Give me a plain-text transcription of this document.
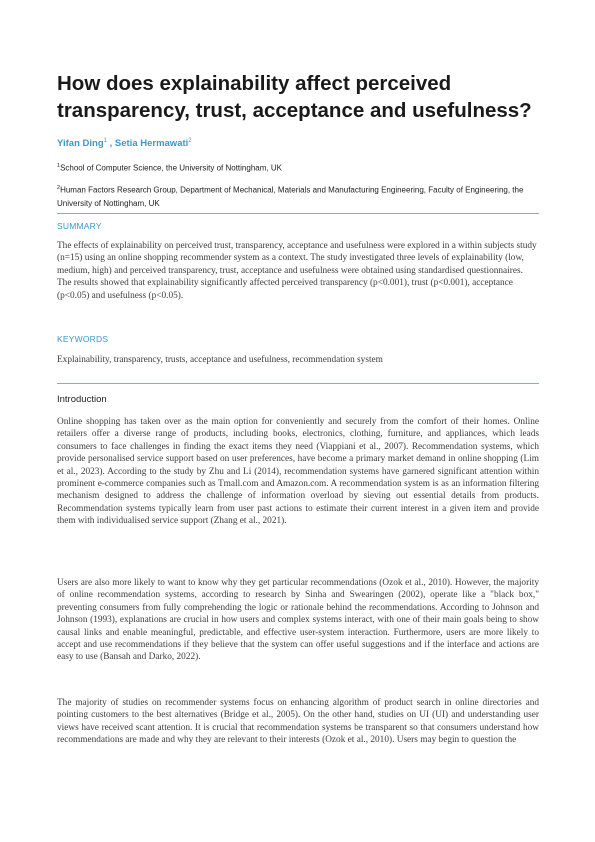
How does explainability affect perceived transparency, trust, acceptance and usefulness?
Yifan Ding$^1$ , Setia Hermawati$^2$
$^1$School of Computer Science, the University of Nottingham, UK
$^2$Human Factors Research Group, Department of Mechanical, Materials and Manufacturing Engineering, Faculty of Engineering, the University of Nottingham, UK
SUMMARY

The effects of explainability on perceived trust, transparency, acceptance and usefulness were explored in a within subjects study (n=15) using an online shopping recommender system as a context. The study investigated three levels of explainability (low, medium, high) and perceived transparency, trust, acceptance and usefulness were obtained using standardised questionnaires. The results showed that explainability significantly affected perceived transparency (p<0.001), trust (p<0.001), acceptance (p<0.05) and usefulness (p<0.05).

KEYWORDS

Explainability, transparency, trusts, acceptance and usefulness, recommendation system

Introduction

Online shopping has taken over as the main option for conveniently and securely from the comfort of their homes. Online retailers offer a diverse range of products, including books, electronics, clothing, furniture, and appliances, which leads consumers to face challenges in finding the exact items they need (Viappiani et al., 2007). Recommendation systems, which provide personalised service support based on user preferences, have become a primary market demand in online shopping (Lim et al., 2023). According to the study by Zhu and Li (2014), recommendation systems have garnered significant attention within prominent e-commerce companies such as Tmall.com and Amazon.com. A recommendation system is as an information filtering mechanism designed to address the challenge of information overload by sieving out essential details from products. Recommendation systems typically learn from user past actions to estimate their current interest in a given item and provide them with individualised service support (Zhang et al., 2021).

Users are also more likely to want to know why they get particular recommendations (Ozok et al., 2010). However, the majority of online recommendation systems, according to research by Sinha and Swearingen (2002), operate like a "black box," preventing consumers from fully comprehending the logic or rationale behind the recommendations. According to Johnson and Johnson (1993), explanations are crucial in how users and complex systems interact, with one of their main goals being to show causal links and enable meaningful, predictable, and effective user-system interaction. Furthermore, users are more likely to accept and use recommendations if they believe that the system can offer useful suggestions and if the interface and actions are easy to use (Bansah and Darko, 2022).

The majority of studies on recommender systems focus on enhancing algorithm of product search in online directories and pointing customers to the best alternatives (Bridge et al., 2005). On the other hand, studies on UI (UI) and understanding user views have received scant attention. It is crucial that recommendation systems be transparent so that consumers understand how recommendations are made and why they are relevant to their interests (Ozok et al., 2010). Users may begin to question the
